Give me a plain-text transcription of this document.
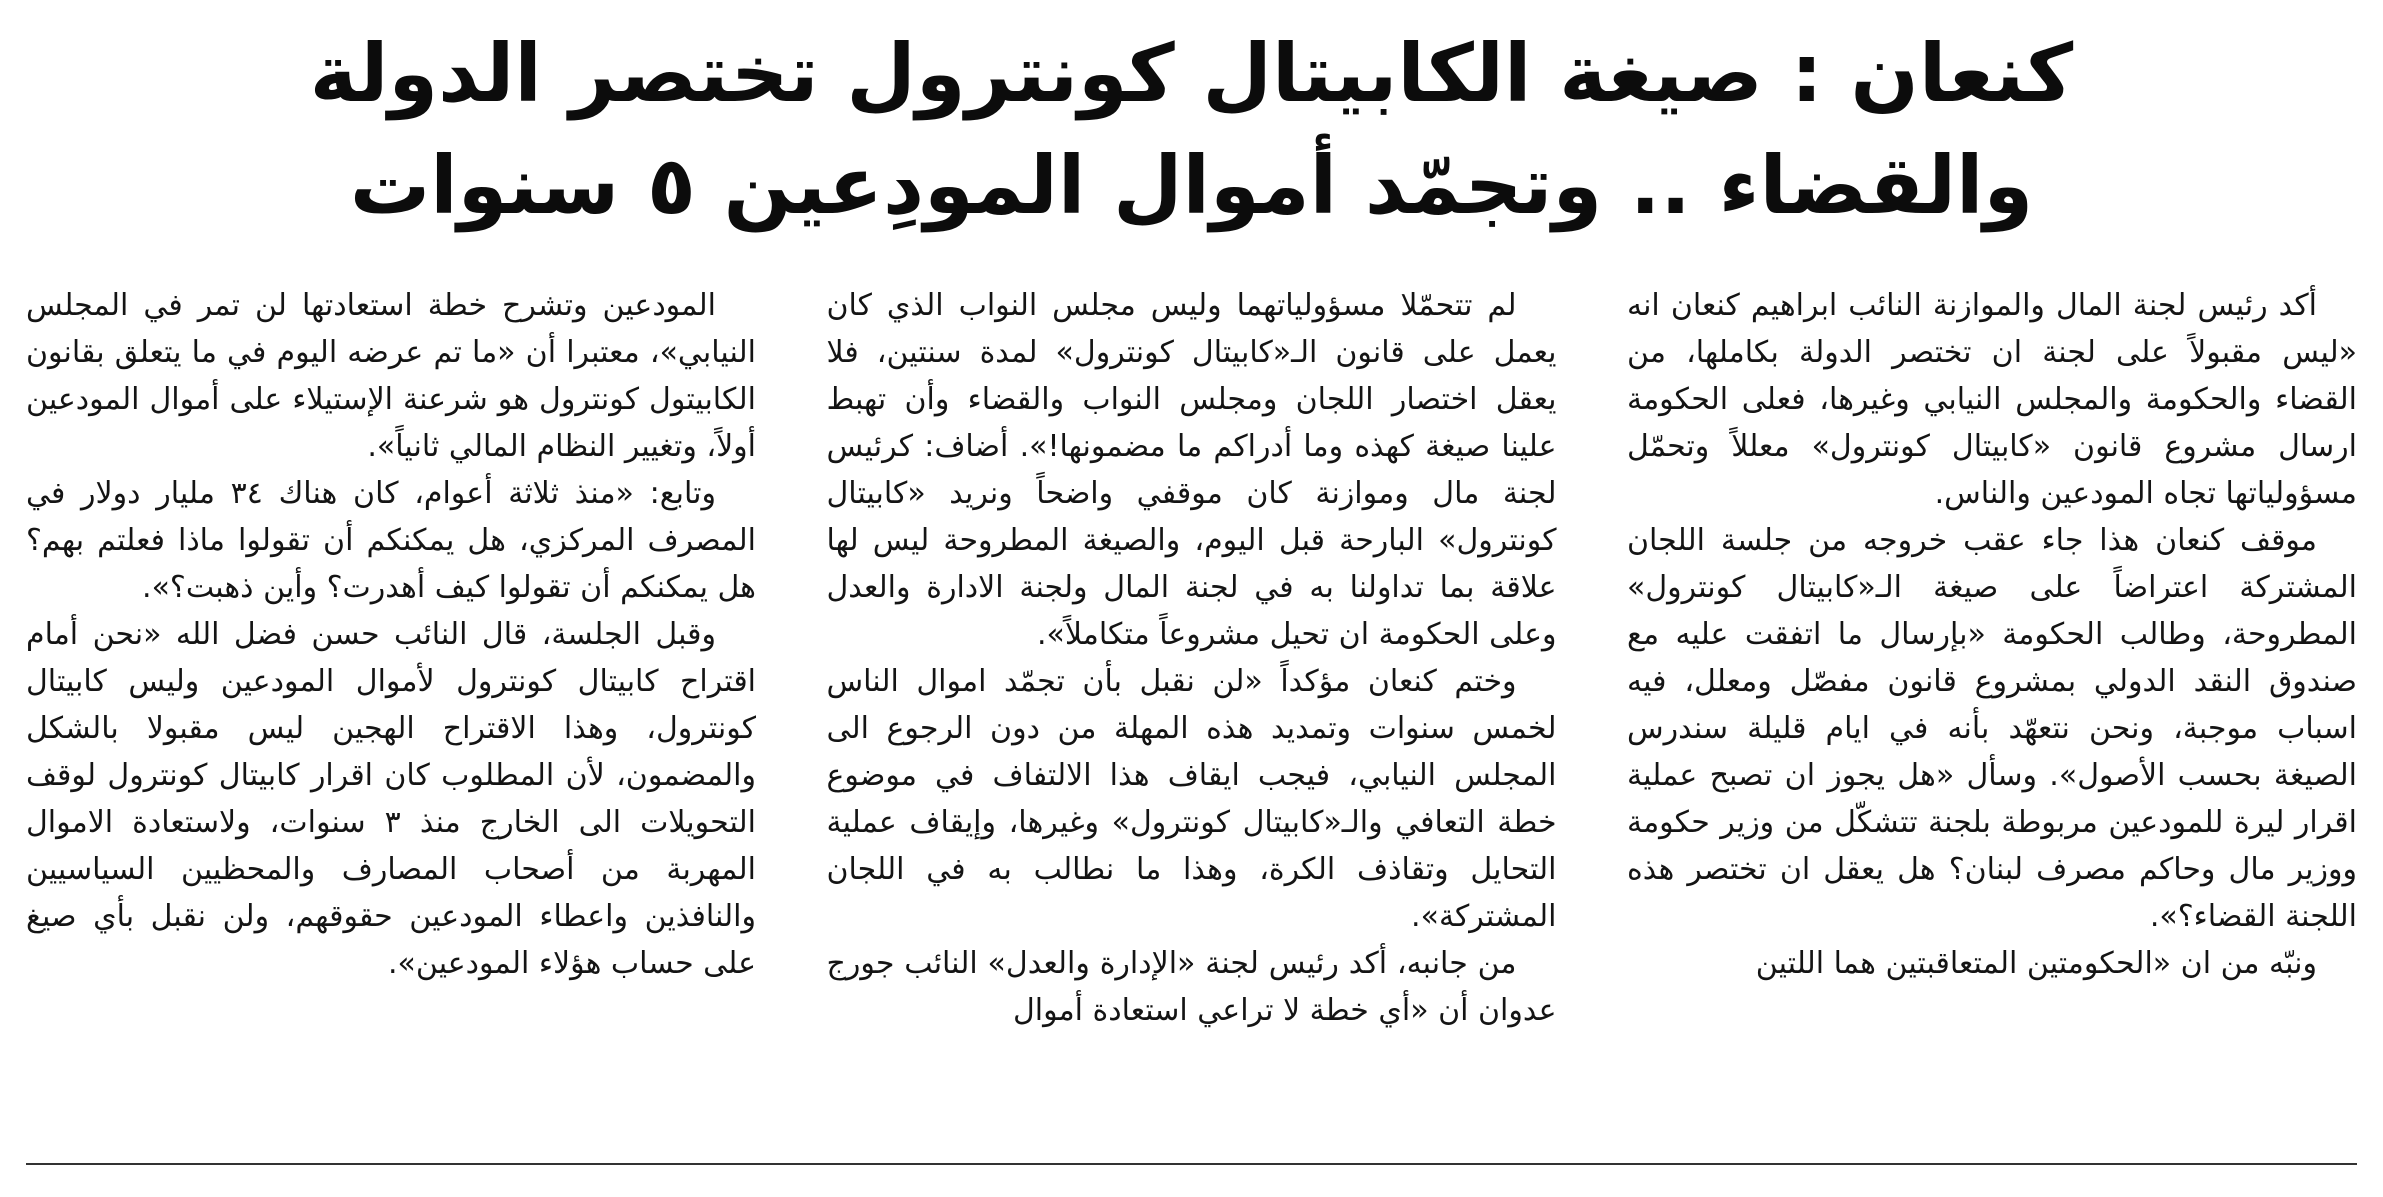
كنعان : صيغة الكابيتال كونترول تختصر الدولة
والقضاء .. وتجمّد أموال المودِعين ٥ سنوات

أكد رئيس لجنة المال والموازنة النائب ابراهيم كنعان انه «ليس مقبولاً على لجنة ان تختصر الدولة بكاملها، من القضاء والحكومة والمجلس النيابي وغيرها، فعلى الحكومة ارسال مشروع قانون «كابيتال كونترول» معللاً وتحمّل مسؤولياتها تجاه المودعين والناس.

موقف كنعان هذا جاء عقب خروجه من جلسة اللجان المشتركة اعتراضاً على صيغة الـ«كابيتال كونترول» المطروحة، وطالب الحكومة «بإرسال ما اتفقت عليه مع صندوق النقد الدولي بمشروع قانون مفصّل ومعلل، فيه اسباب موجبة، ونحن نتعهّد بأنه في ايام قليلة سندرس الصيغة بحسب الأصول». وسأل «هل يجوز ان تصبح عملية اقرار ليرة للمودعين مربوطة بلجنة تتشكّل من وزير حكومة ووزير مال وحاكم مصرف لبنان؟ هل يعقل ان تختصر هذه اللجنة القضاء؟».

ونبّه من ان «الحكومتين المتعاقبتين هما اللتين

لم تتحمّلا مسؤولياتهما وليس مجلس النواب الذي كان يعمل على قانون الـ«كابيتال كونترول» لمدة سنتين، فلا يعقل اختصار اللجان ومجلس النواب والقضاء وأن تهبط علينا صيغة كهذه وما أدراكم ما مضمونها!». أضاف: كرئيس لجنة مال وموازنة كان موقفي واضحاً ونريد «كابيتال كونترول» البارحة قبل اليوم، والصيغة المطروحة ليس لها علاقة بما تداولنا به في لجنة المال ولجنة الادارة والعدل وعلى الحكومة ان تحيل مشروعاً متكاملاً».

وختم كنعان مؤكداً «لن نقبل بأن تجمّد اموال الناس لخمس سنوات وتمديد هذه المهلة من دون الرجوع الى المجلس النيابي، فيجب ايقاف هذا الالتفاف في موضوع خطة التعافي والـ«كابيتال كونترول» وغيرها، وإيقاف عملية التحايل وتقاذف الكرة، وهذا ما نطالب به في اللجان المشتركة».

من جانبه، أكد رئيس لجنة «الإدارة والعدل» النائب جورج عدوان أن «أي خطة لا تراعي استعادة أموال

المودعين وتشرح خطة استعادتها لن تمر في المجلس النيابي»، معتبرا أن «ما تم عرضه اليوم في ما يتعلق بقانون الكابيتول كونترول هو شرعنة الإستيلاء على أموال المودعين أولاً، وتغيير النظام المالي ثانياً».

وتابع: «منذ ثلاثة أعوام، كان هناك ٣٤ مليار دولار في المصرف المركزي، هل يمكنكم أن تقولوا ماذا فعلتم بهم؟ هل يمكنكم أن تقولوا كيف أهدرت؟ وأين ذهبت؟».

وقبل الجلسة، قال النائب حسن فضل الله «نحن أمام اقتراح كابيتال كونترول لأموال المودعين وليس كابيتال كونترول، وهذا الاقتراح الهجين ليس مقبولا بالشكل والمضمون، لأن المطلوب كان اقرار كابيتال كونترول لوقف التحويلات الى الخارج منذ ٣ سنوات، ولاستعادة الاموال المهربة من أصحاب المصارف والمحظيين السياسيين والنافذين واعطاء المودعين حقوقهم، ولن نقبل بأي صيغ على حساب هؤلاء المودعين».
